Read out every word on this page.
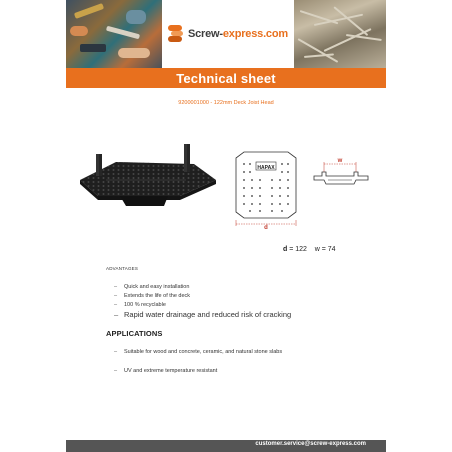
Screw-express.com
Technical sheet
9200001000 - 122mm Deck Joist Head
HAPAX
d
w
d = 122 w = 74
ADVANTAGES
– Quick and easy installation
– Extends the life of the deck
– 100 % recyclable
– Rapid water drainage and reduced risk of cracking
APPLICATIONS
– Suitable for wood and concrete, ceramic, and natural stone slabs
– UV and extreme temperature resistant
customer.service@screw-express.com
